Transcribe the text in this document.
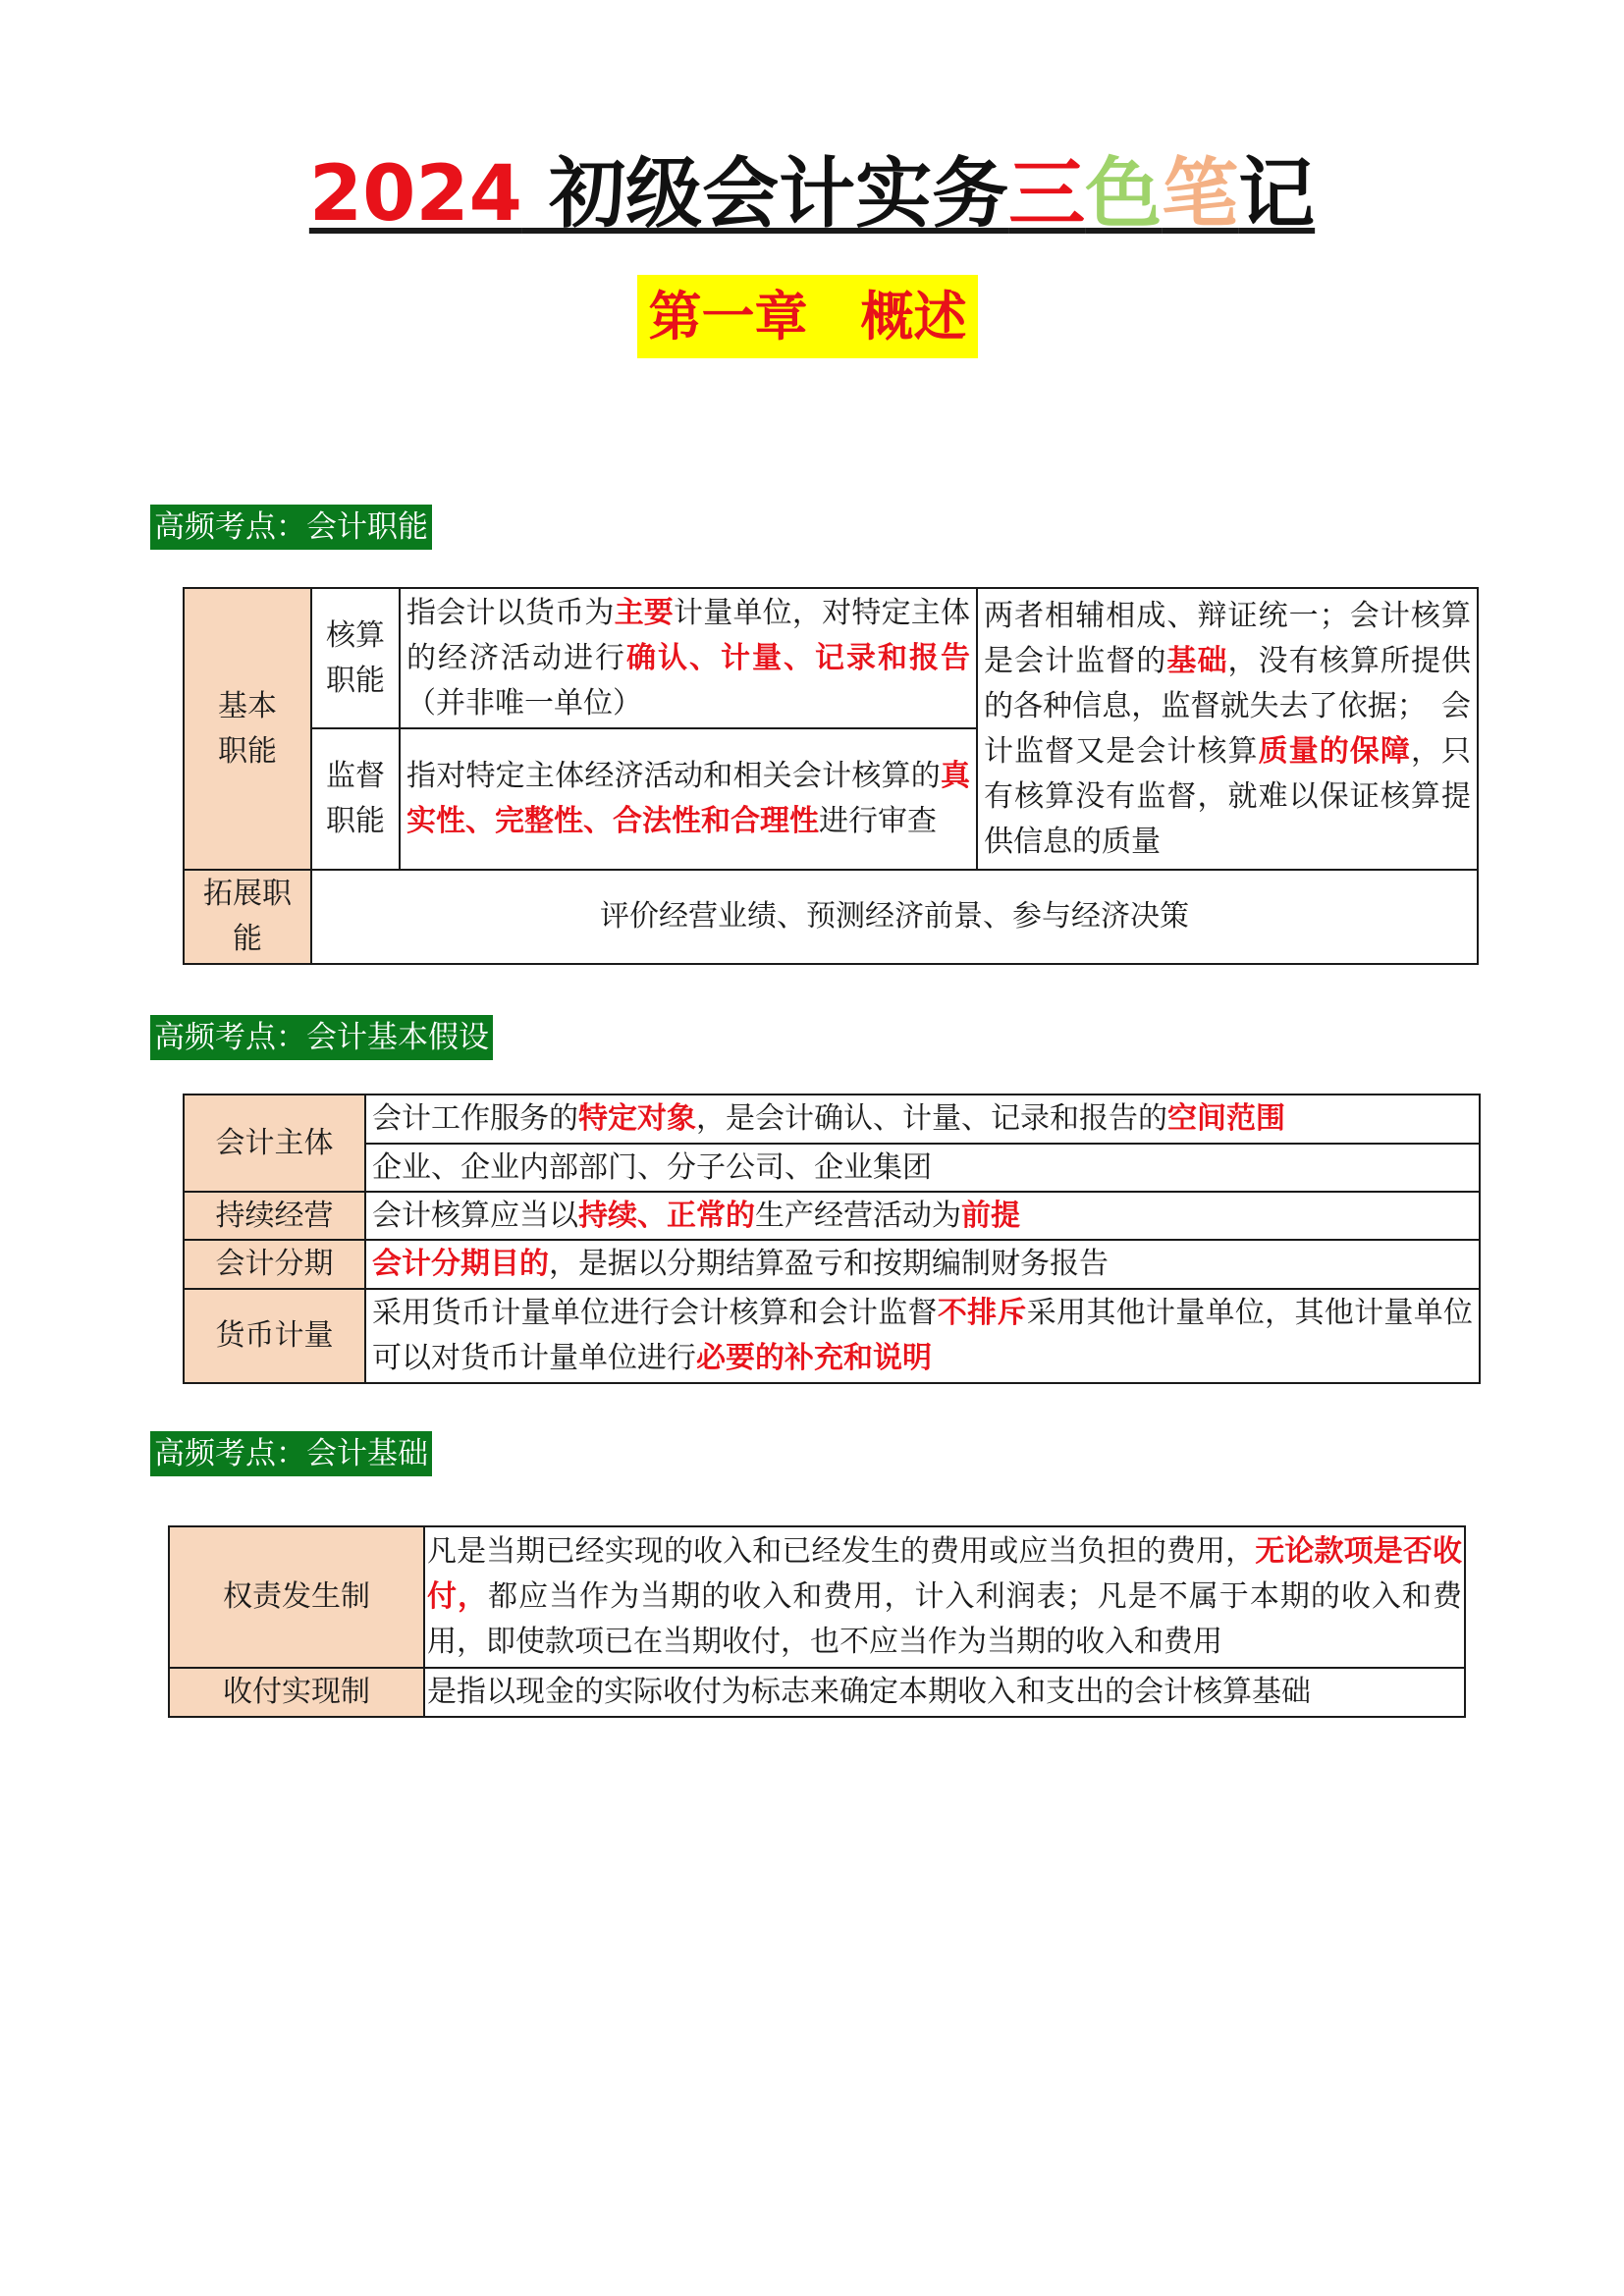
2024 初级会计实务三色笔记
第一章　概述
高频考点：会计职能
基本职能	核算职能	指会计以货币为主要计量单位，对特定主体的经济活动进行确认、计量、记录和报告（并非唯一单位）	两者相辅相成、辩证统一；会计核算是会计监督的基础，没有核算所提供的各种信息，监督就失去了依据；　会计监督又是会计核算质量的保障，只有核算没有监督，就难以保证核算提供信息的质量
	监督职能	指对特定主体经济活动和相关会计核算的真实性、完整性、合法性和合理性进行审查	
拓展职能	评价经营业绩、预测经济前景、参与经济决策		
高频考点：会计基本假设
会计主体	会计工作服务的特定对象，是会计确认、计量、记录和报告的空间范围
	企业、企业内部部门、分子公司、企业集团
持续经营	会计核算应当以持续、正常的生产经营活动为前提
会计分期	会计分期目的，是据以分期结算盈亏和按期编制财务报告
货币计量	采用货币计量单位进行会计核算和会计监督不排斥采用其他计量单位，其他计量单位可以对货币计量单位进行必要的补充和说明
高频考点：会计基础
权责发生制	凡是当期已经实现的收入和已经发生的费用或应当负担的费用，无论款项是否收付，都应当作为当期的收入和费用，计入利润表；凡是不属于本期的收入和费用，即使款项已在当期收付，也不应当作为当期的收入和费用
收付实现制	是指以现金的实际收付为标志来确定本期收入和支出的会计核算基础
